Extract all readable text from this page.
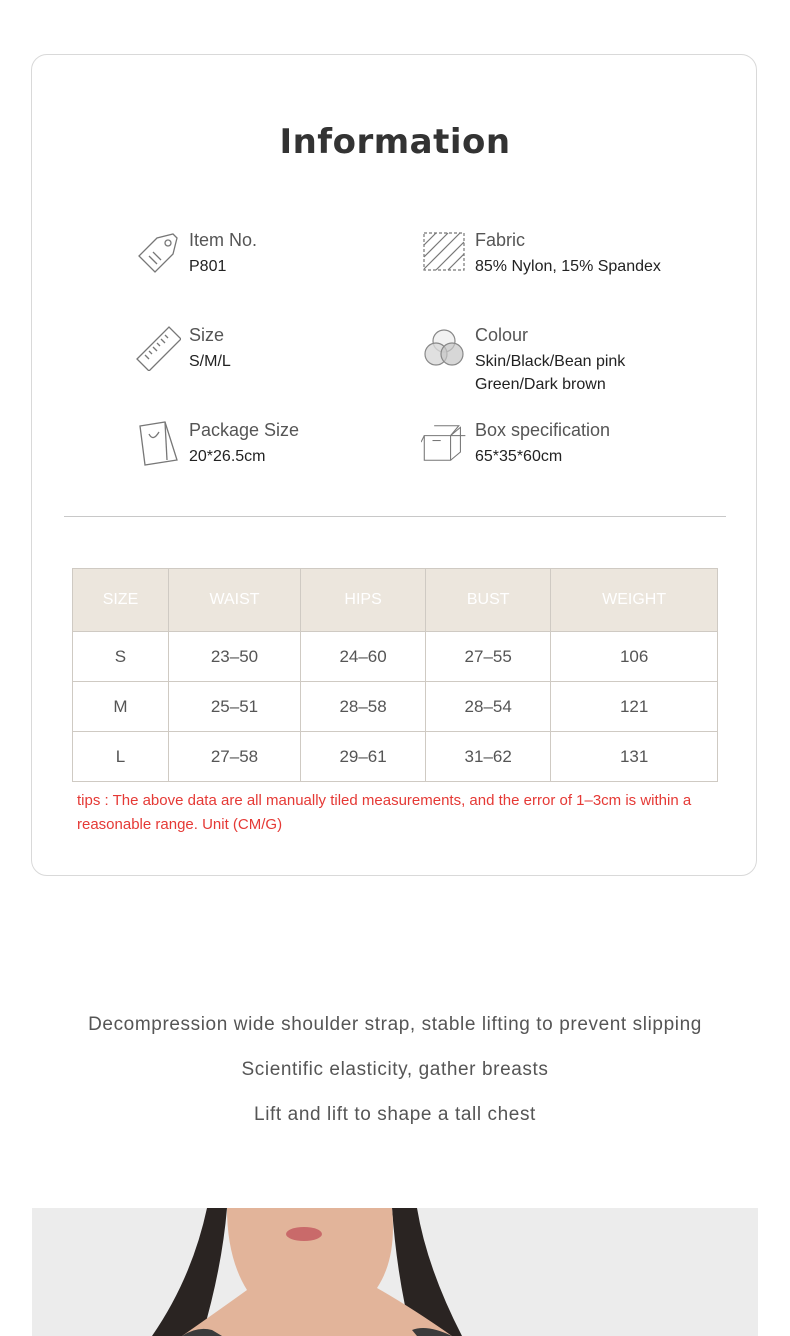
Information
Item No.
P801
Fabric
85% Nylon, 15% Spandex
Size
S/M/L
Colour
Skin/Black/Bean pink
Green/Dark brown
Package Size
20*26.5cm
Box specification
65*35*60cm
SIZE	WAIST	HIPS	BUST	WEIGHT
S	23–50	24–60	27–55	106
M	25–51	28–58	28–54	121
L	27–58	29–61	31–62	131

tips : The above data are all manually tiled measurements, and the error of 1–3cm is within a reasonable range. Unit (CM/G)

Decompression wide shoulder strap, stable lifting to prevent slipping

Scientific elasticity, gather breasts

Lift and lift to shape a tall chest
